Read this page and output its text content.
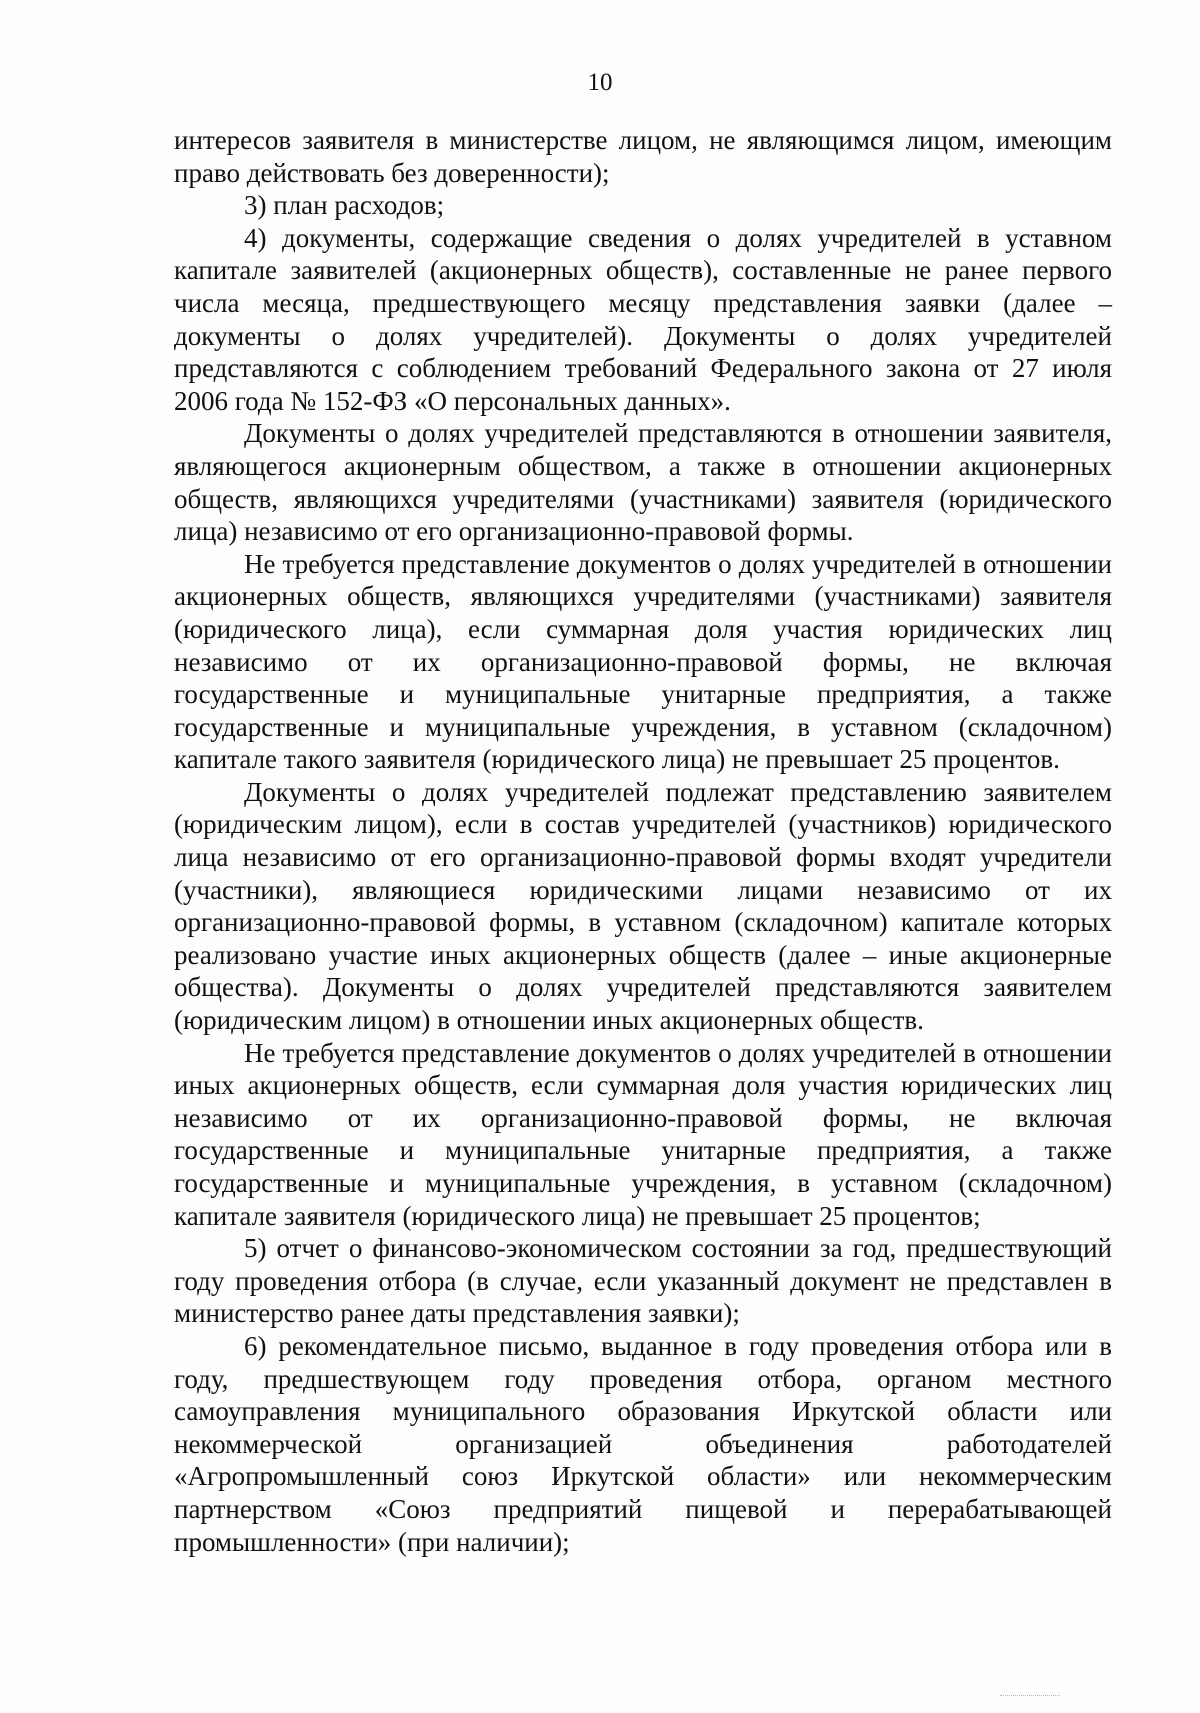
10

интересов заявителя в министерстве лицом, не являющимся лицом, имеющим право действовать без доверенности);

3) план расходов;

4) документы, содержащие сведения о долях учредителей в уставном капитале заявителей (акционерных обществ), составленные не ранее первого числа месяца, предшествующего месяцу представления заявки (далее – документы о долях учредителей). Документы о долях учредителей представляются с соблюдением требований Федерального закона от 27 июля 2006 года № 152-ФЗ «О персональных данных».

Документы о долях учредителей представляются в отношении заявителя, являющегося акционерным обществом, а также в отношении акционерных обществ, являющихся учредителями (участниками) заявителя (юридического лица) независимо от его организационно-правовой формы.

Не требуется представление документов о долях учредителей в отношении акционерных обществ, являющихся учредителями (участниками) заявителя (юридического лица), если суммарная доля участия юридических лиц независимо от их организационно-правовой формы, не включая государственные и муниципальные унитарные предприятия, а также государственные и муниципальные учреждения, в уставном (складочном) капитале такого заявителя (юридического лица) не превышает 25 процентов.

Документы о долях учредителей подлежат представлению заявителем (юридическим лицом), если в состав учредителей (участников) юридического лица независимо от его организационно-правовой формы входят учредители (участники), являющиеся юридическими лицами независимо от их организационно-правовой формы, в уставном (складочном) капитале которых реализовано участие иных акционерных обществ (далее – иные акционерные общества). Документы о долях учредителей представляются заявителем (юридическим лицом) в отношении иных акционерных обществ.

Не требуется представление документов о долях учредителей в отношении иных акционерных обществ, если суммарная доля участия юридических лиц независимо от их организационно-правовой формы, не включая государственные и муниципальные унитарные предприятия, а также государственные и муниципальные учреждения, в уставном (складочном) капитале заявителя (юридического лица) не превышает 25 процентов;

5) отчет о финансово-экономическом состоянии за год, предшествующий году проведения отбора (в случае, если указанный документ не представлен в министерство ранее даты представления заявки);

6) рекомендательное письмо, выданное в году проведения отбора или в году, предшествующем году проведения отбора, органом местного самоуправления муниципального образования Иркутской области или некоммерческой организацией объединения работодателей «Агропромышленный союз Иркутской области» или некоммерческим партнерством «Союз предприятий пищевой и перерабатывающей промышленности» (при наличии);
